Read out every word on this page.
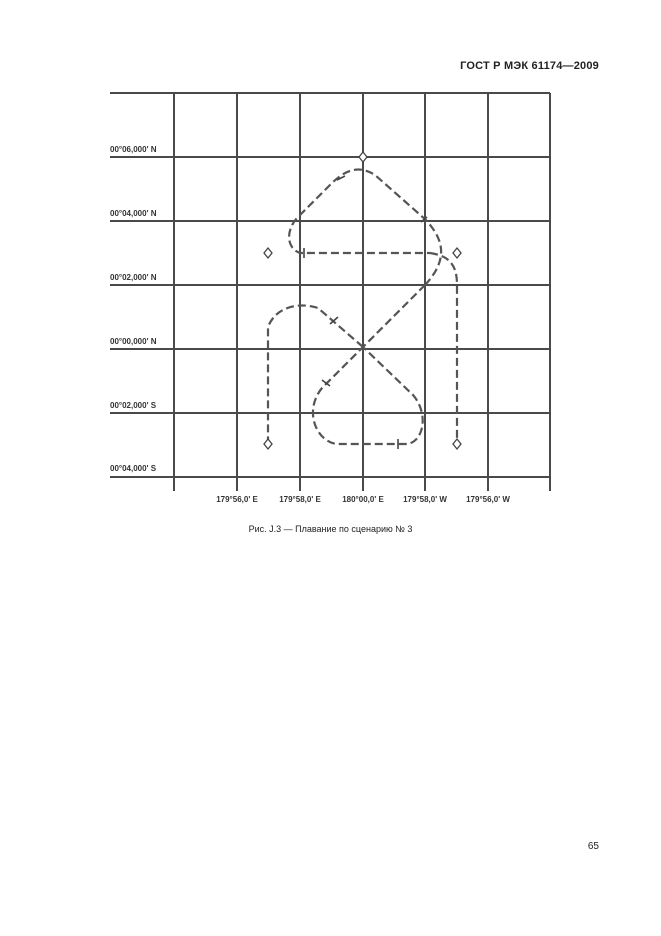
ГОСТ Р МЭК 61174—2009
00°06,000' N
00°04,000' N
00°02,000' N
00°00,000' N
00°02,000' S
00°04,000' S
179°56,0' E	179°58,0' E	180°00,0' E 179°58,0' W 179°56,0' W
Рис. J.3 — Плавание по сценарию № 3
65
